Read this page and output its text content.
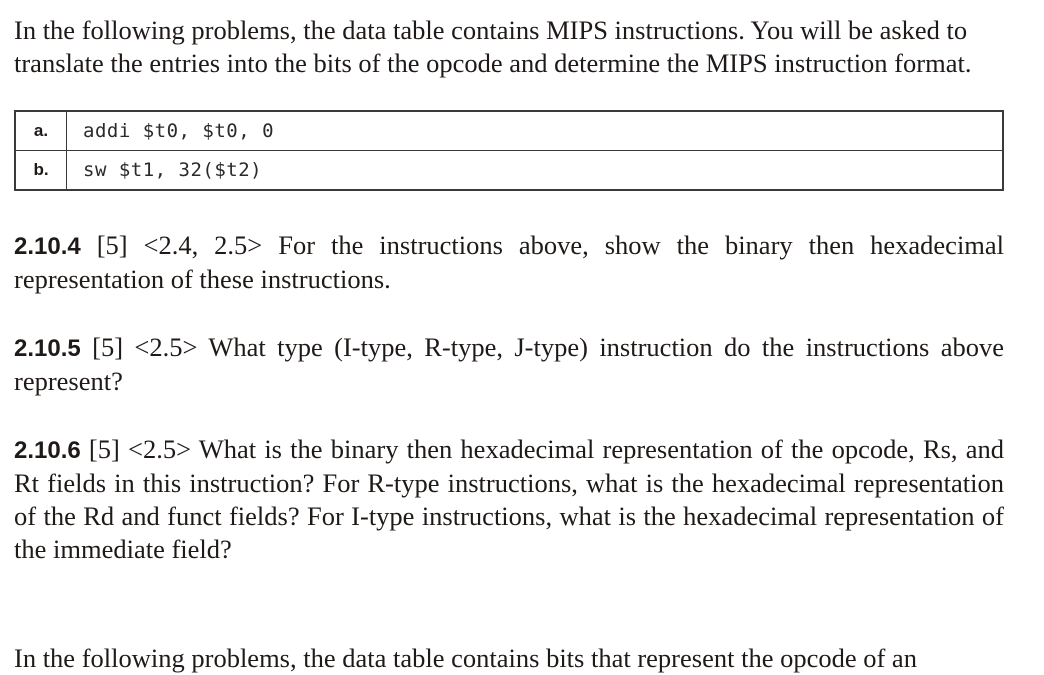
In the following problems, the data table contains MIPS instructions. You will be asked to translate the entries into the bits of the opcode and determine the MIPS instruction format.

a.	addi $t0, $t0, 0
b.	sw $t1, 32($t2)

2.10.4 [5] <2.4, 2.5> For the instructions above, show the binary then hexadecimal representation of these instructions.

2.10.5 [5] <2.5> What type (I-type, R-type, J-type) instruction do the instructions above represent?

2.10.6 [5] <2.5> What is the binary then hexadecimal representation of the opcode, Rs, and Rt fields in this instruction? For R-type instructions, what is the hexadecimal representation of the Rd and funct fields? For I-type instructions, what is the hexadecimal representation of the immediate field?

In the following problems, the data table contains bits that represent the opcode of an
